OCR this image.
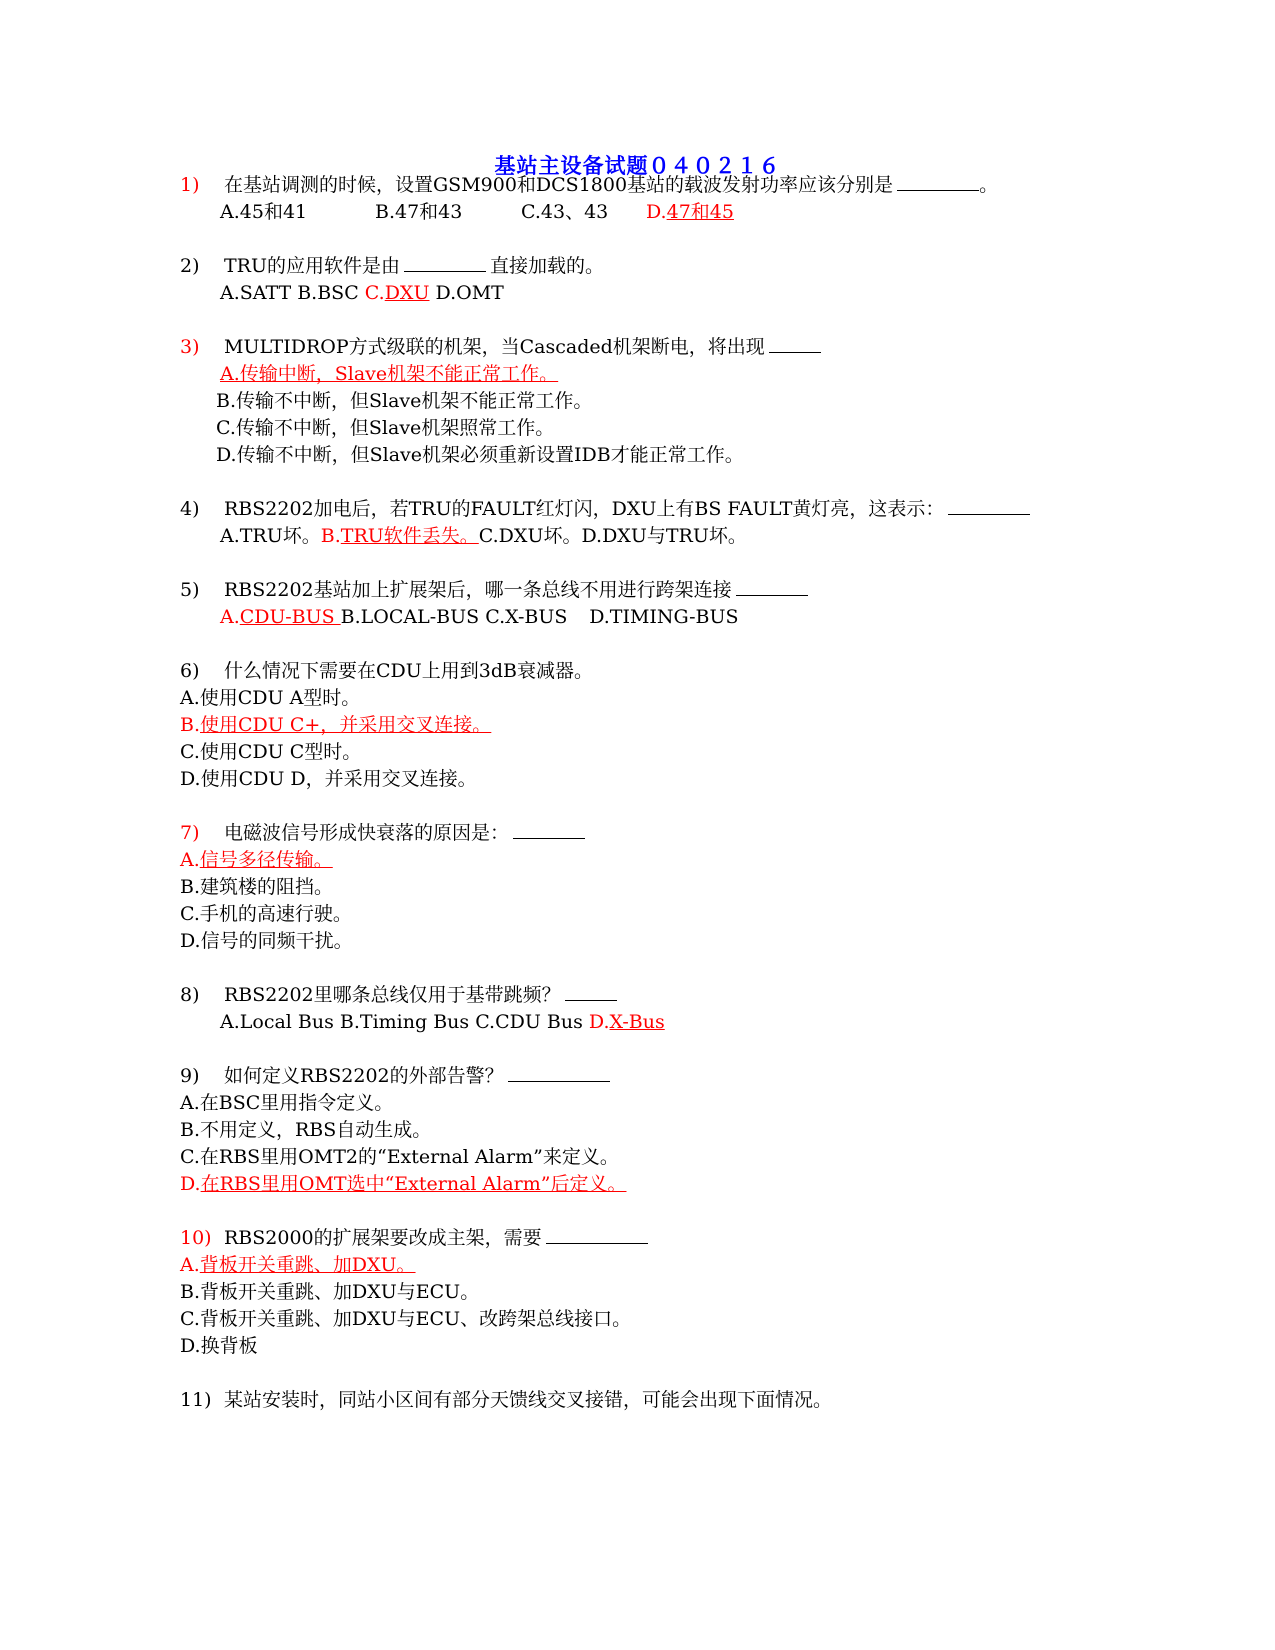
基站主设备试题０４０２１６
1) 在基站调测的时候，设置GSM900和DCS1800基站的载波发射功率应该分别是	。
A.45和41	B.47和43	C.43、43 D.47和45
2) TRU的应用软件是由	直接加载的。
A.SATT B.BSC C.DXU D.OMT
3) MULTIDROP方式级联的机架，当Cascaded机架断电，将出现
A.传输中断，Slave机架不能正常工作。
B.传输不中断，但Slave机架不能正常工作。
C.传输不中断，但Slave机架照常工作。
D.传输不中断，但Slave机架必须重新设置IDB才能正常工作。
4) RBS2202加电后，若TRU的FAULT红灯闪，DXU上有BS FAULT黄灯亮，这表示：
A.TRU坏。B.TRU软件丢失。C.DXU坏。D.DXU与TRU坏。
5) RBS2202基站加上扩展架后，哪一条总线不用进行跨架连接
A.CDU-BUS B.LOCAL-BUS C.X-BUS D.TIMING-BUS
6) 什么情况下需要在CDU上用到3dB衰减器。
A.使用CDU A型时。
B.使用CDU C+，并采用交叉连接。
C.使用CDU C型时。
D.使用CDU D，并采用交叉连接。
7) 电磁波信号形成快衰落的原因是：
A.信号多径传输。
B.建筑楼的阻挡。
C.手机的高速行驶。
D.信号的同频干扰。
8) RBS2202里哪条总线仅用于基带跳频？
A.Local Bus B.Timing Bus C.CDU Bus D.X-Bus
9) 如何定义RBS2202的外部告警？
A.在BSC里用指令定义。
B.不用定义，RBS自动生成。
C.在RBS里用OMT2的“External Alarm”来定义。
D.在RBS里用OMT选中“External Alarm”后定义。
10) RBS2000的扩展架要改成主架，需要
A.背板开关重跳、加DXU。
B.背板开关重跳、加DXU与ECU。
C.背板开关重跳、加DXU与ECU、改跨架总线接口。
D.换背板
11) 某站安装时，同站小区间有部分天馈线交叉接错，可能会出现下面情况。
